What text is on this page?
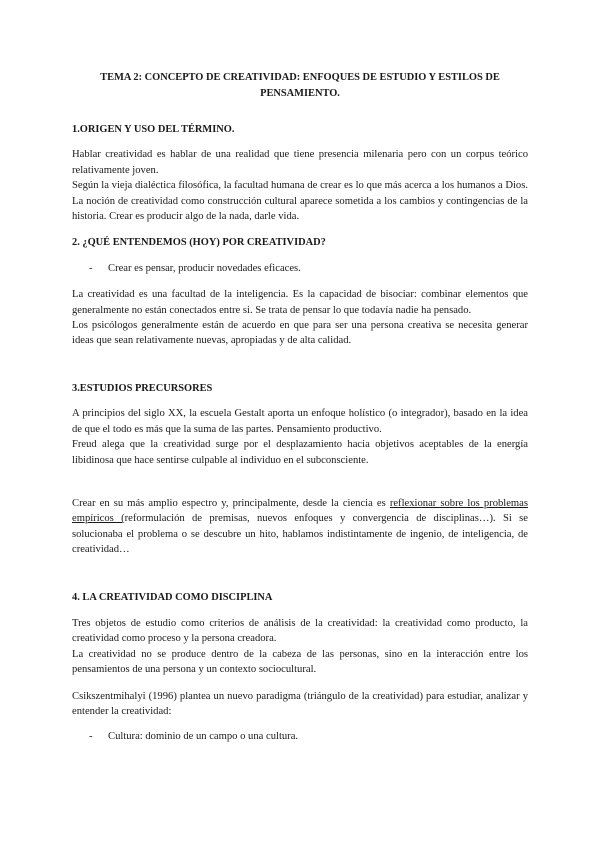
TEMA 2: CONCEPTO DE CREATIVIDAD: ENFOQUES DE ESTUDIO Y ESTILOS DE PENSAMIENTO.
1.ORIGEN Y USO DEL TÉRMINO.

Hablar creatividad es hablar de una realidad que tiene presencia milenaria pero con un corpus teórico relativamente joven.

Según la vieja dialéctica filosófica, la facultad humana de crear es lo que más acerca a los humanos a Dios. La noción de creatividad como construcción cultural aparece sometida a los cambios y contingencias de la historia. Crear es producir algo de la nada, darle vida.

2. ¿QUÉ ENTENDEMOS (HOY) POR CREATIVIDAD?
- Crear es pensar, producir novedades eficaces.

La creatividad es una facultad de la inteligencia. Es la capacidad de bisociar: combinar elementos que generalmente no están conectados entre si. Se trata de pensar lo que todavía nadie ha pensado.

Los psicólogos generalmente están de acuerdo en que para ser una persona creativa se necesita generar ideas que sean relativamente nuevas, apropiadas y de alta calidad.

3.ESTUDIOS PRECURSORES

A principios del siglo XX, la escuela Gestalt aporta un enfoque holístico (o integrador), basado en la idea de que el todo es más que la suma de las partes. Pensamiento productivo.

Freud alega que la creatividad surge por el desplazamiento hacia objetivos aceptables de la energía libidinosa que hace sentirse culpable al individuo en el subconsciente.

Crear en su más amplio espectro y, principalmente, desde la ciencia es reflexionar sobre los problemas empíricos (reformulación de premisas, nuevos enfoques y convergencia de disciplinas…). Si se solucionaba el problema o se descubre un hito, hablamos indistintamente de ingenio, de inteligencia, de creatividad…

4. LA CREATIVIDAD COMO DISCIPLINA

Tres objetos de estudio como criterios de análisis de la creatividad: la creatividad como producto, la creatividad como proceso y la persona creadora.

La creatividad no se produce dentro de la cabeza de las personas, sino en la interacción entre los pensamientos de una persona y un contexto sociocultural.

Csikszentmihalyi (1996) plantea un nuevo paradigma (triángulo de la creatividad) para estudiar, analizar y entender la creatividad:

- Cultura: dominio de un campo o una cultura.
